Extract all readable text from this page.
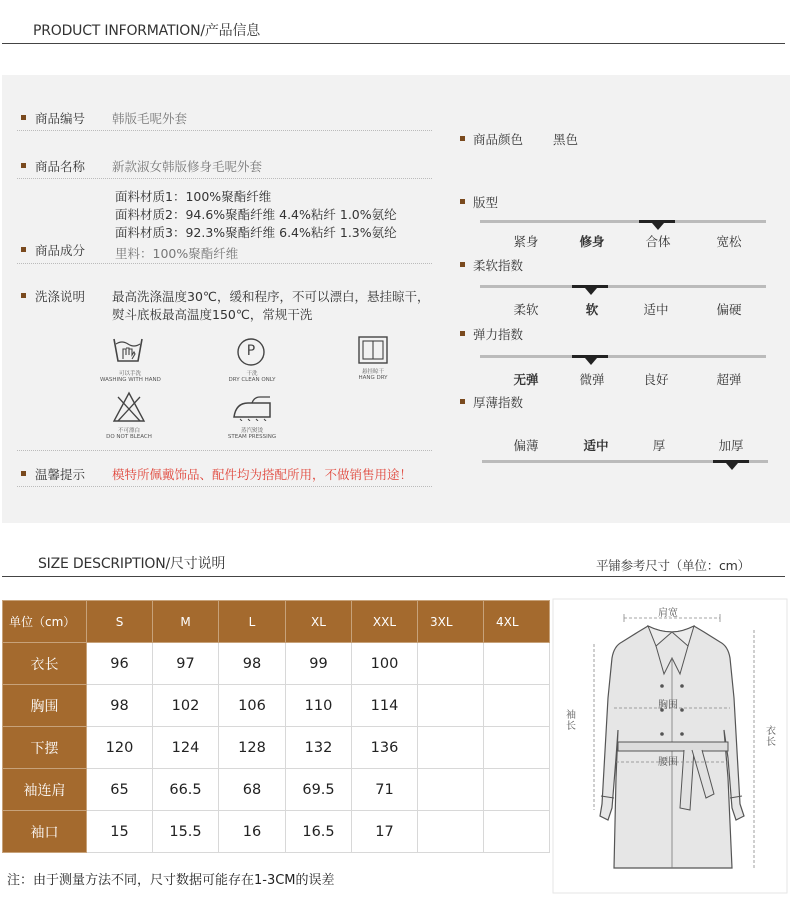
PRODUCT INFORMATION/产品信息
商品编号 韩版毛呢外套
商品名称 新款淑女韩版修身毛呢外套
面料材质1：100%聚酯纤维
面料材质2：94.6%聚酯纤维 4.4%粘纤 1.0%氨纶
面料材质3：92.3%聚酯纤维 6.4%粘纤 1.3%氨纶
商品成分 里料：100%聚酯纤维
洗涤说明 最高洗涤温度30℃，缓和程序，不可以漂白，悬挂晾干，
熨斗底板最高温度150℃，常规干洗
可以手洗
WASHING WITH HAND
P
干洗
DRY CLEAN ONLY
悬挂晾干
HANG DRY
不可漂白
DO NOT BLEACH
蒸汽熨烫
STEAM PRESSING
温馨提示 模特所佩戴饰品、配件均为搭配所用，不做销售用途！
商品颜色 黑色
版型
紧身	修身	合体	宽松
柔软指数
柔软	软	适中	偏硬
弹力指数
无弹	微弹	良好	超弹
厚薄指数
偏薄	适中	厚	加厚
SIZE DESCRIPTION/尺寸说明	平铺参考尺寸（单位：cm）
单位（cm）	S	M	L	XL	XXL	3XL	4XL
衣长	96	97	98	99	100		
胸围	98	102	106	110	114		
下摆	120	124	128	132	136		
袖连肩	65	66.5	68	69.5	71		
袖口	15	15.5	16	16.5	17		
注：由于测量方法不同，尺寸数据可能存在1-3CM的误差
肩宽
胸围
腰围
袖长	衣长
